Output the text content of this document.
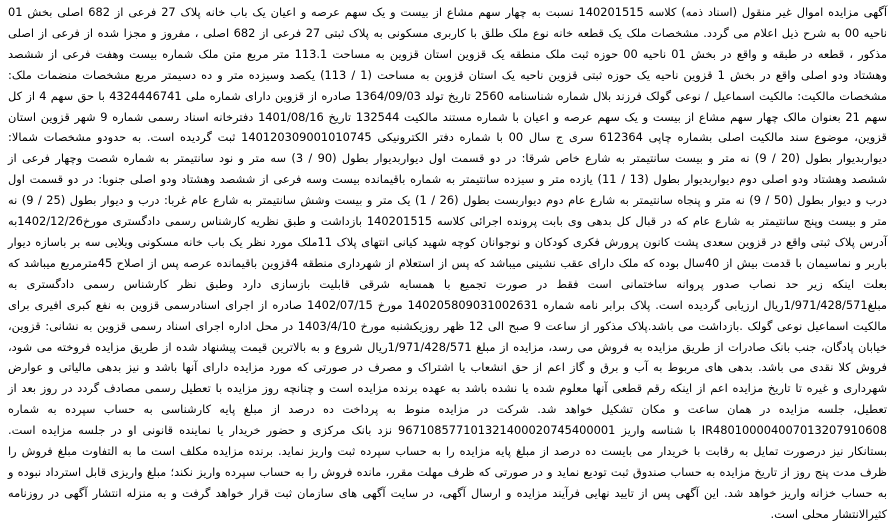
آگهی مزایده اموال غیر منقول (اسناد ذمه) کلاسه 140201515 نسبت به چهار سهم مشاع از بیست و یک سهم عرصه و اعیان یک باب خانه پلاک 27 فرعی از 682 اصلی بخش 01 ناحیه 00 به شرح ذیل اعلام می گردد. مشخصات ملک یک قطعه خانه نوع ملک طلق با کاربری مسکونی به پلاک ثبتی 27 فرعی از 682 اصلی ، مفروز و مجزا شده از فرعی از اصلی مذکور ، قطعه در طبقه و واقع در بخش 01 ناحیه 00 حوزه ثبت ملک منطقه یک قزوین استان قزوین به مساحت 113.1 متر مربع متن ملک شماره بیست وهفت فرعی از ششصد وهشتاد ودو اصلی واقع در بخش 1 قزوین ناحیه یک حوزه ثبتی قزوین ناحیه یک استان قزوین به مساحت (1 / 113) یکصد وسیزده متر و ده دسیمتر مربع مشخصات منضمات ملک: مشخصات مالکیت: مالکیت اسماعیل / نوعی گولک فرزند بلال شماره شناسنامه 2560 تاریخ تولد 1364/09/03 صادره از قزوین دارای شماره ملی 4324446741 با حق سهم 4 از کل سهم 21 بعنوان مالک چهار سهم مشاع از بیست و یک سهم عرصه و اعیان با شماره مستند مالکیت 132544 تاریخ 1401/08/16 دفترخانه اسناد رسمی شماره 9 شهر قزوین استان قزوین، موضوع سند مالکیت اصلی بشماره چاپی 612364 سری ج سال 00 با شماره دفتر الکترونیکی 140120309001010745 ثبت گردیده است. به حدودو مشخصات شمالا: دیواربدیوار بطول (20 / 9) نه متر و بیست سانتیمتر به شارع خاص شرقا: در دو قسمت اول دیواربدیوار بطول (90 / 3) سه متر و نود سانتیمتر به شماره شصت وچهار فرعی از ششصد وهشتاد ودو اصلی دوم دیواربدیوار بطول (13 / 11) یازده متر و سیزده سانتیمتر به شماره باقیمانده بیست وسه فرعی از ششصد وهشتاد ودو اصلی جنوبا: در دو قسمت اول درب و دیوار بطول (50 / 9) نه متر و پنجاه سانتیمتر به شارع عام دوم دیواربست بطول (26 / 1) یک متر و بیست وشش سانتیمتر به شارع عام غربا: درب و دیوار بطول (25 / 9) نه متر و بیست وپنج سانتیمتر به شارع عام که در قبال کل بدهی وی بابت پرونده اجرائی کلاسه 140201515 بازداشت و طبق نظریه کارشناس رسمی دادگستری مورخ1402/12/26به آدرس پلاک ثبتی واقع در قزوین سعدی پشت کانون پرورش فکری کودکان و نوجوانان کوچه شهید کیانی انتهای پلاک 11ملک مورد نظر یک باب خانه مسکونی ویلایی سه بر باسازه دیوار باربر و نماسیمان با قدمت بیش از 40سال بوده که ملک دارای عقب نشینی میباشد که پس از استعلام از شهرداری منطقه 4قزوین باقیمانده عرصه پس از اصلاح 45مترمربع میباشد که بعلت اینکه زیر حد نصاب صدور پروانه ساختمانی است فقط در صورت تجمیع با همسایه شرقی قابلیت بازسازی دارد وطبق نظر کارشناس رسمی دادگستری به مبلغ1/971/428/571ریال ارزیابی گردیده است. پلاک برابر نامه شماره 140205809031002631 مورخ 1402/07/15 صادره از اجرای اسنادرسمی قزوین به نفع کبری افیری برای مالکیت اسماعیل نوعی گولک .بازداشت می باشد.پلاک مذکور از ساعت 9 صبح الی 12 ظهر روزیکشنبه مورخ 1403/4/10 در محل اداره اجرای اسناد رسمی قزوین به نشانی: قزوین، خیابان پادگان، جنب بانک صادرات از طریق مزایده به فروش می رسد، مزایده از مبلغ 1/971/428/571ریال شروع و به بالاترین قیمت پیشنهاد شده از طریق مزایده فروخته می شود، فروش کلا نقدی می باشد. بدهی های مربوط به آب و برق و گاز اعم از حق انشعاب یا اشتراک و مصرف در صورتی که مورد مزایده دارای آنها باشد و نیز بدهی مالیاتی و عوارض شهرداری و غیره تا تاریخ مزایده اعم از اینکه رقم قطعی آنها معلوم شده یا نشده باشد به عهده برنده مزایده است و چنانچه روز مزایده با تعطیل رسمی مصادف گردد در روز بعد از تعطیل، جلسه مزایده در همان ساعت و مکان تشکیل خواهد شد. شرکت در مزایده منوط به پرداخت ده درصد از مبلغ پایه کارشناسی به حساب سپرده به شماره IR480100004007013207910608 با شناسه واریز 967108577101321400020745400001 نزد بانک مرکزی و حضور خریدار یا نماینده قانونی او در جلسه مزایده است. بستانکار نیز درصورت تمایل به رقابت با خریدار می بایست ده درصد از مبلغ پایه مزایده را به حساب سپرده ثبت واریز نماید. برنده مزایده مکلف است ما به التفاوت مبلغ فروش را ظرف مدت پنج روز از تاریخ مزایده به حساب صندوق ثبت تودیع نماید و در صورتی که ظرف مهلت مقرر، مانده فروش را به حساب سپرده واریز نکند؛ مبلغ واریزی قابل استرداد نبوده و به حساب خزانه واریز خواهد شد. این آگهی پس از تایید نهایی فرآیند مزایده و ارسال آگهی، در سایت آگهی های سازمان ثبت قرار خواهد گرفت و به منزله انتشار آگهی در روزنامه کثیرالانتشار محلی است.
